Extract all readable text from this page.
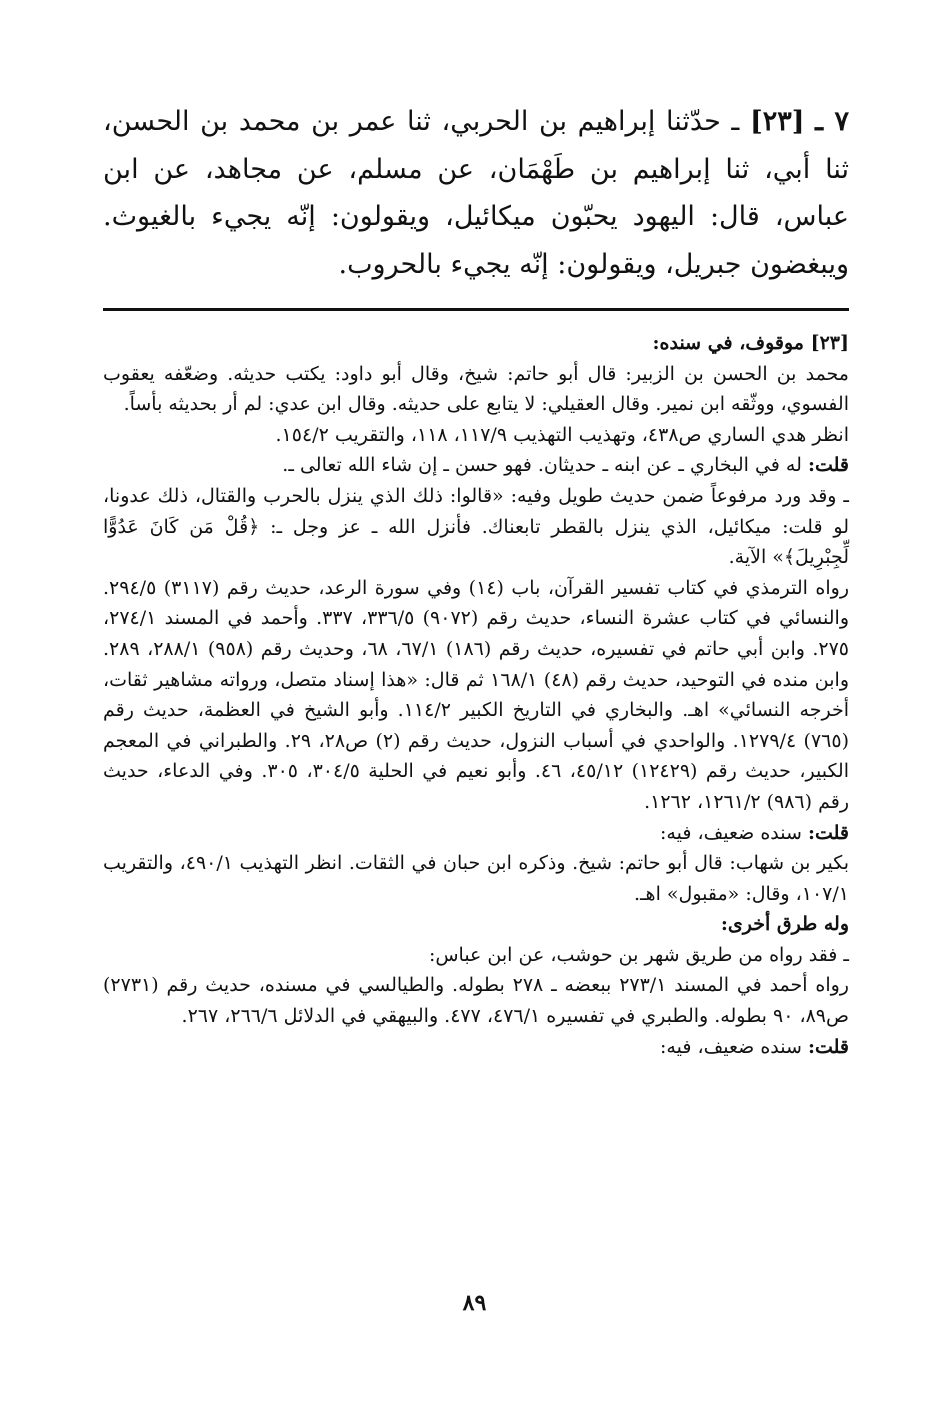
٧ ـ [٢٣] ـ حدّثنا إبراهيم بن الحربي، ثنا عمر بن محمد بن الحسن، ثنا أبي، ثنا إبراهيم بن طَهْمَان، عن مسلم، عن مجاهد، عن ابن عباس، قال: اليهود يحبّون ميكائيل، ويقولون: إنّه يجيء بالغيوث. ويبغضون جبريل، ويقولون: إنّه يجيء بالحروب.

[٢٣] موقوف، في سنده:

محمد بن الحسن بن الزبير: قال أبو حاتم: شيخ، وقال أبو داود: يكتب حديثه. وضعّفه يعقوب الفسوي، ووثّقه ابن نمير. وقال العقيلي: لا يتابع على حديثه. وقال ابن عدي: لم أر بحديثه بأساً.

انظر هدي الساري ص٤٣٨، وتهذيب التهذيب ١١٧/٩، ١١٨، والتقريب ١٥٤/٢.

قلت: له في البخاري ـ عن ابنه ـ حديثان. فهو حسن ـ إن شاء الله تعالى ـ.

ـ وقد ورد مرفوعاً ضمن حديث طويل وفيه: «قالوا: ذلك الذي ينزل بالحرب والقتال، ذلك عدونا، لو قلت: ميكائيل، الذي ينزل بالقطر تابعناك. فأنزل الله ـ عز وجل ـ: ﴿قُلْ مَن كَانَ عَدُوًّا لِّجِبْرِيلَ﴾» الآية.

رواه الترمذي في كتاب تفسير القرآن، باب (١٤) وفي سورة الرعد، حديث رقم (٣١١٧) ٢٩٤/٥. والنسائي في كتاب عشرة النساء، حديث رقم (٩٠٧٢) ٣٣٦/٥، ٣٣٧. وأحمد في المسند ٢٧٤/١، ٢٧٥. وابن أبي حاتم في تفسيره، حديث رقم (١٨٦) ٦٧/١، ٦٨، وحديث رقم (٩٥٨) ٢٨٨/١، ٢٨٩. وابن منده في التوحيد، حديث رقم (٤٨) ١٦٨/١ ثم قال: «هذا إسناد متصل، ورواته مشاهير ثقات، أخرجه النسائي» اهـ. والبخاري في التاريخ الكبير ١١٤/٢. وأبو الشيخ في العظمة، حديث رقم (٧٦٥) ١٢٧٩/٤. والواحدي في أسباب النزول، حديث رقم (٢) ص٢٨، ٢٩. والطبراني في المعجم الكبير، حديث رقم (١٢٤٢٩) ٤٥/١٢، ٤٦. وأبو نعيم في الحلية ٣٠٤/٥، ٣٠٥. وفي الدعاء، حديث رقم (٩٨٦) ١٢٦١/٢، ١٢٦٢.

قلت: سنده ضعيف، فيه:

بكير بن شهاب: قال أبو حاتم: شيخ. وذكره ابن حبان في الثقات. انظر التهذيب ٤٩٠/١، والتقريب ١٠٧/١، وقال: «مقبول» اهـ.

وله طرق أخرى:

ـ فقد رواه من طريق شهر بن حوشب، عن ابن عباس:

رواه أحمد في المسند ٢٧٣/١ ببعضه ـ ٢٧٨ بطوله. والطيالسي في مسنده، حديث رقم (٢٧٣١) ص٨٩، ٩٠ بطوله. والطبري في تفسيره ٤٧٦/١، ٤٧٧. والبيهقي في الدلائل ٢٦٦/٦، ٢٦٧.

قلت: سنده ضعيف، فيه:

٨٩
